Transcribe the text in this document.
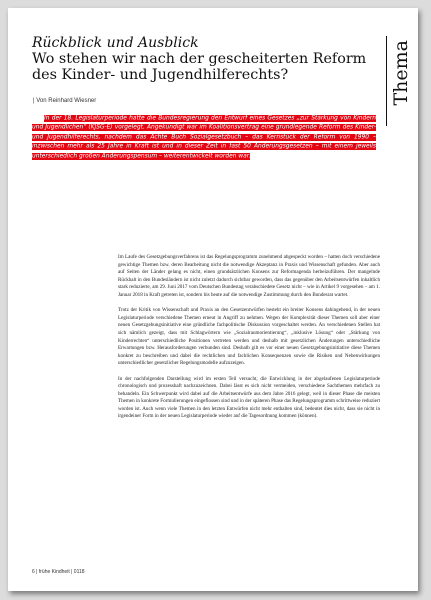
Rückblick und Ausblick
Wo stehen wir nach der gescheiterten Reform des Kinder- und Jugendhilferechts?
| Von Reinhard Wiesner	Thema

In der 18. Legislaturperiode hatte die Bundesregierung den Entwurf eines Gesetzes „zur Stärkung von Kindern und Jugendlichen“ (KJSG-E) vorgelegt. Angekündigt war im Koalitionsvertrag eine grundlegende Reform des Kinder- und Jugendhilferechts, nachdem das Achte Buch Sozialgesetzbuch – das Kernstück der Reform von 1990 – inzwischen mehr als 25 Jahre in Kraft ist und in dieser Zeit in fast 50 Änderungsgesetzen – mit einem jeweils unterschiedlich großen Änderungspensum – weiterentwickelt worden war.

Im Laufe des Gesetzgebungsverfahrens ist das Regelungsprogramm zunehmend abgespeckt worden – hatten doch verschiedene gewichtige Themen bzw. deren Bearbeitung nicht die notwendige Akzeptanz in Praxis und Wissenschaft gefunden. Aber auch auf Seiten der Länder gelang es nicht, einen grundsätzlichen Konsens zur Reformagenda herbeizuführen. Der mangelnde Rückhalt in den Bundesländern ist nicht zuletzt dadurch sichtbar geworden, dass das gegenüber den Arbeitsentwürfen inhaltlich stark reduzierte, am 29. Juni 2017 vom Deutschen Bundestag verabschiedete Gesetz nicht – wie in Artikel 9 vorgesehen – am 1. Januar 2018 in Kraft getreten ist, sondern bis heute auf die notwendige Zustimmung durch den Bundesrat wartet.

Trotz der Kritik von Wissenschaft und Praxis an den Gesetzentwürfen besteht ein breiter Konsens dahingehend, in der neuen Legislaturperiode verschiedene Themen erneut in Angriff zu nehmen. Wegen der Komplexität dieser Themen soll aber einer neuen Gesetzgebungsinitiative eine gründliche fachpolitische Diskussion vorgeschaltet werden. An verschiedenen Stellen hat sich nämlich gezeigt, dass mit Schlagwörtern wie „Sozialraumorientierung“, „inklusive Lösung“ oder „Stärkung von Kinderrechten“ unterschiedliche Positionen vertreten werden und deshalb mit gesetzlichen Änderungen unterschiedliche Erwartungen bzw. Herausforderungen verbunden sind. Deshalb gilt es vor einer neuen Gesetzgebungsinitiative diese Themen konkret zu beschreiben und dabei die rechtlichen und fachlichen Konsequenzen sowie die Risiken und Nebenwirkungen unterschiedlicher gesetzlicher Regelungsmodelle aufzuzeigen.

In der nachfolgenden Darstellung wird im ersten Teil versucht, die Entwicklung in der abgelaufenen Legislaturperiode chronologisch und prozesshaft nachzuzeichnen. Dabei lässt es sich nicht vermeiden, verschiedene Sachthemen mehrfach zu behandeln. Ein Schwerpunkt wird dabei auf die Arbeitsentwürfe aus dem Jahre 2016 gelegt, weil in dieser Phase die meisten Themen in konkrete Formulierungen eingeflossen sind und in der späteren Phase das Regelungsprogramm schrittweise reduziert worden ist. Auch wenn viele Themen in den letzten Entwürfen nicht mehr enthalten sind, bedeutet dies nicht, dass sie nicht in irgendeiner Form in der neuen Legislaturperiode wieder auf die Tagesordnung kommen (können).

6 | frühe Kindheit | 0118
